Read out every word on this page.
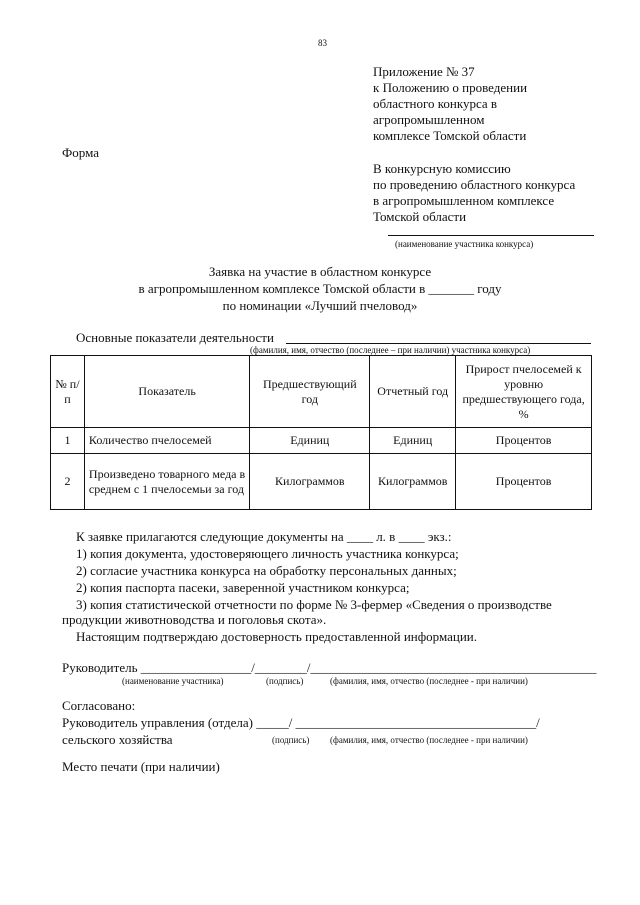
83
Приложение № 37
к Положению о проведении
областного конкурса в
агропромышленном
комплексе Томской области
Форма
В конкурсную комиссию
по проведению областного конкурса
в агропромышленном комплексе
Томской области
(наименование участника конкурса)
Заявка на участие в областном конкурсе
в агропромышленном комплексе Томской области в _______ году
по номинации «Лучший пчеловод»
Основные показатели деятельности
(фамилия, имя, отчество (последнее – при наличии) участника конкурса)
№ п/п	Показатель	Предшествующий год	Отчетный год	Прирост пчелосемей к уровню предшествующего года, %
1	Количество пчелосемей	Единиц	Единиц	Процентов
2	Произведено товарного меда в среднем с 1 пчелосемьи за год	Килограммов	Килограммов	Процентов
К заявке прилагаются следующие документы на ____ л. в ____ экз.:
1) копия документа, удостоверяющего личность участника конкурса;
2) согласие участника конкурса на обработку персональных данных;
2) копия паспорта пасеки, заверенной участником конкурса;
3) копия статистической отчетности по форме № 3-фермер «Сведения о производстве
продукции животноводства и поголовья скота».
Настоящим подтверждаю достоверность предоставленной информации.
Руководитель _________________/________/____________________________________________
(наименование участника)	(подпись)	(фамилия, имя, отчество (последнее - при наличии)
Согласовано:
Руководитель управления (отдела) _____/ _____________________________________/
сельского хозяйства	(подпись) (фамилия, имя, отчество (последнее - при наличии)
Место печати (при наличии)
